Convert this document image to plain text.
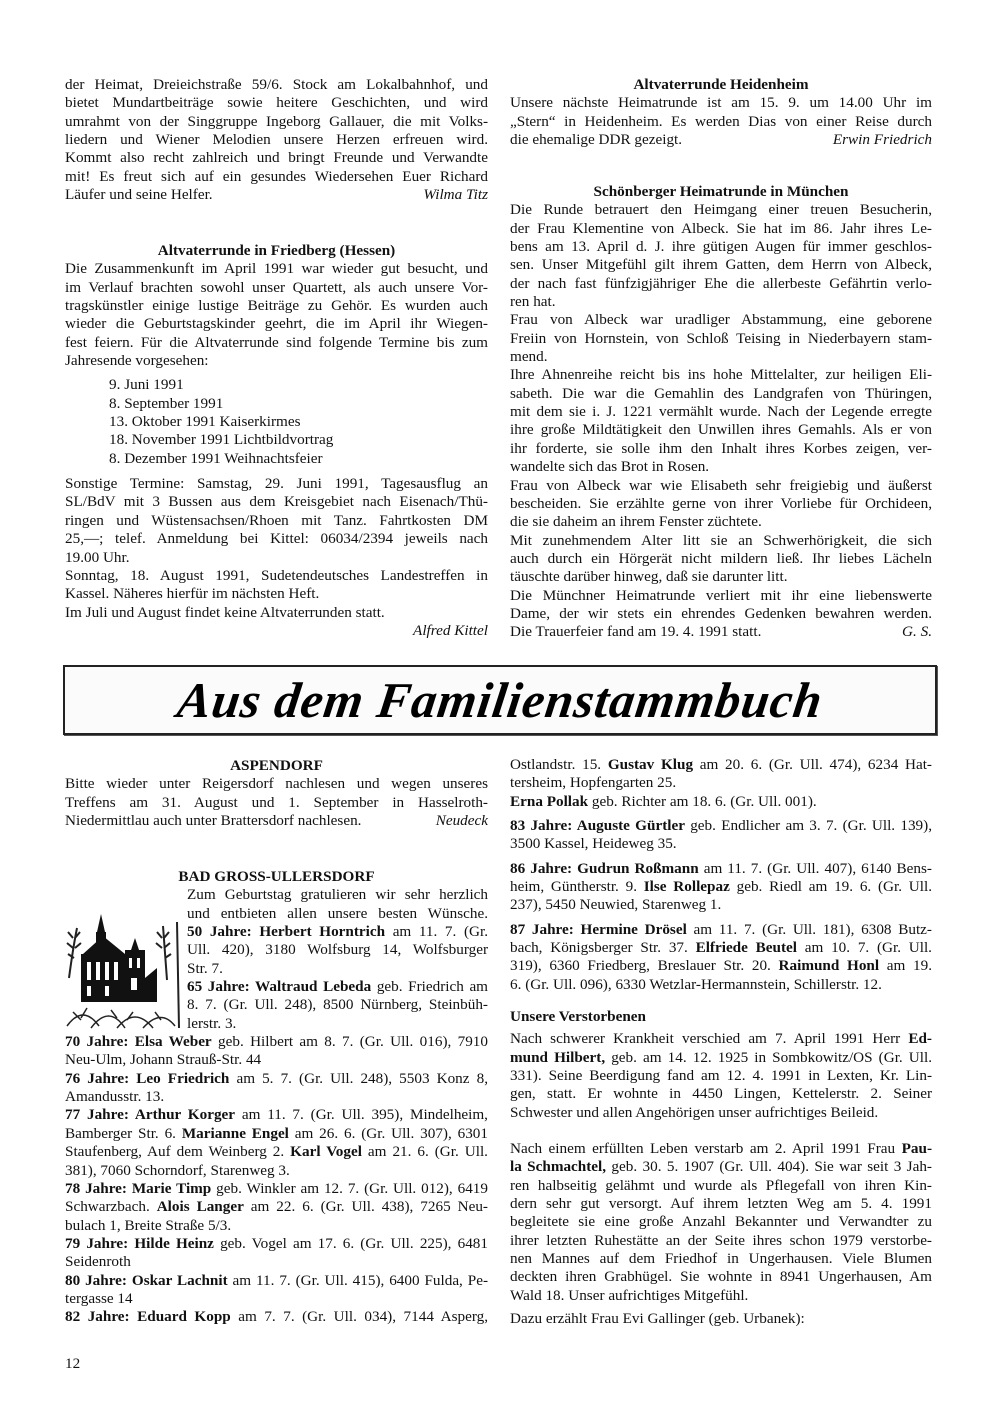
der Heimat, Dreieichstraße 59/6. Stock am Lokalbahnhof, und
bietet Mundartbeiträge sowie heitere Geschichten, und wird
umrahmt von der Singgruppe Ingeborg Gallauer, die mit Volks-
liedern und Wiener Melodien unsere Herzen erfreuen wird.
Kommt also recht zahlreich und bringt Freunde und Verwandte
mit! Es freut sich auf ein gesundes Wiedersehen Euer Richard
Läufer und seine Helfer.	Wilma Titz
Altvaterrunde in Friedberg (Hessen)
Die Zusammenkunft im April 1991 war wieder gut besucht, und
im Verlauf brachten sowohl unser Quartett, als auch unsere Vor-
tragskünstler einige lustige Beiträge zu Gehör. Es wurden auch
wieder die Geburtstagskinder geehrt, die im April ihr Wiegen-
fest feiern. Für die Altvaterrunde sind folgende Termine bis zum
Jahresende vorgesehen:
9. Juni 1991
8. September 1991
13. Oktober 1991 Kaiserkirmes
18. November 1991 Lichtbildvortrag
8. Dezember 1991 Weihnachtsfeier
Sonstige Termine: Samstag, 29. Juni 1991, Tagesausflug an
SL/BdV mit 3 Bussen aus dem Kreisgebiet nach Eisenach/Thü-
ringen und Wüstensachsen/Rhoen mit Tanz. Fahrtkosten DM
25,—; telef. Anmeldung bei Kittel: 06034/2394 jeweils nach
19.00 Uhr.
Sonntag, 18. August 1991, Sudetendeutsches Landestreffen in
Kassel. Näheres hierfür im nächsten Heft.
Im Juli und August findet keine Altvaterrunden statt.
Alfred Kittel
Altvaterrunde Heidenheim
Unsere nächste Heimatrunde ist am 15. 9. um 14.00 Uhr im
„Stern“ in Heidenheim. Es werden Dias von einer Reise durch
die ehemalige DDR gezeigt.	Erwin Friedrich
Schönberger Heimatrunde in München
Die Runde betrauert den Heimgang einer treuen Besucherin,
der Frau Klementine von Albeck. Sie hat im 86. Jahr ihres Le-
bens am 13. April d. J. ihre gütigen Augen für immer geschlos-
sen. Unser Mitgefühl gilt ihrem Gatten, dem Herrn von Albeck,
der nach fast fünfzigjähriger Ehe die allerbeste Gefährtin verlo-
ren hat.
Frau von Albeck war uradliger Abstammung, eine geborene
Freiin von Hornstein, von Schloß Teising in Niederbayern stam-
mend.
Ihre Ahnenreihe reicht bis ins hohe Mittelalter, zur heiligen Eli-
sabeth. Die war die Gemahlin des Landgrafen von Thüringen,
mit dem sie i. J. 1221 vermählt wurde. Nach der Legende erregte
ihre große Mildtätigkeit den Unwillen ihres Gemahls. Als er von
ihr forderte, sie solle ihm den Inhalt ihres Korbes zeigen, ver-
wandelte sich das Brot in Rosen.
Frau von Albeck war wie Elisabeth sehr freigiebig und äußerst
bescheiden. Sie erzählte gerne von ihrer Vorliebe für Orchideen,
die sie daheim an ihrem Fenster züchtete.
Mit zunehmendem Alter litt sie an Schwerhörigkeit, die sich
auch durch ein Hörgerät nicht mildern ließ. Ihr liebes Lächeln
täuschte darüber hinweg, daß sie darunter litt.
Die Münchner Heimatrunde verliert mit ihr eine liebenswerte
Dame, der wir stets ein ehrendes Gedenken bewahren werden.
Die Trauerfeier fand am 19. 4. 1991 statt.	G. S.
Aus dem Familienstammbuch
ASPENDORF
Bitte wieder unter Reigersdorf nachlesen und wegen unseres
Treffens am 31. August und 1. September in Hasselroth-
Niedermittlau auch unter Brattersdorf nachlesen.	Neudeck
BAD GROSS-ULLERSDORF
Zum Geburtstag gratulieren wir sehr herzlich
und entbieten allen unsere besten Wünsche.
50 Jahre: Herbert Horntrich am 11. 7. (Gr.
Ull. 420), 3180 Wolfsburg 14, Wolfsburger
Str. 7.
65 Jahre: Waltraud Lebeda geb. Friedrich am
8. 7. (Gr. Ull. 248), 8500 Nürnberg, Steinbüh-
lerstr. 3.
70 Jahre: Elsa Weber geb. Hilbert am 8. 7. (Gr. Ull. 016), 7910
Neu-Ulm, Johann Strauß-Str. 44
76 Jahre: Leo Friedrich am 5. 7. (Gr. Ull. 248), 5503 Konz 8,
Amandusstr. 13.
77 Jahre: Arthur Korger am 11. 7. (Gr. Ull. 395), Mindelheim,
Bamberger Str. 6. Marianne Engel am 26. 6. (Gr. Ull. 307), 6301
Staufenberg, Auf dem Weinberg 2. Karl Vogel am 21. 6. (Gr. Ull.
381), 7060 Schorndorf, Starenweg 3.
78 Jahre: Marie Timp geb. Winkler am 12. 7. (Gr. Ull. 012), 6419
Schwarzbach. Alois Langer am 22. 6. (Gr. Ull. 438), 7265 Neu-
bulach 1, Breite Straße 5/3.
79 Jahre: Hilde Heinz geb. Vogel am 17. 6. (Gr. Ull. 225), 6481
Seidenroth
80 Jahre: Oskar Lachnit am 11. 7. (Gr. Ull. 415), 6400 Fulda, Pe-
tergasse 14
82 Jahre: Eduard Kopp am 7. 7. (Gr. Ull. 034), 7144 Asperg,
Ostlandstr. 15. Gustav Klug am 20. 6. (Gr. Ull. 474), 6234 Hat-
tersheim, Hopfengarten 25.
Erna Pollak geb. Richter am 18. 6. (Gr. Ull. 001).
83 Jahre: Auguste Gürtler geb. Endlicher am 3. 7. (Gr. Ull. 139),
3500 Kassel, Heideweg 35.
86 Jahre: Gudrun Roßmann am 11. 7. (Gr. Ull. 407), 6140 Bens-
heim, Güntherstr. 9. Ilse Rollepaz geb. Riedl am 19. 6. (Gr. Ull.
237), 5450 Neuwied, Starenweg 1.
87 Jahre: Hermine Drösel am 11. 7. (Gr. Ull. 181), 6308 Butz-
bach, Königsberger Str. 37. Elfriede Beutel am 10. 7. (Gr. Ull.
319), 6360 Friedberg, Breslauer Str. 20. Raimund Honl am 19.
6. (Gr. Ull. 096), 6330 Wetzlar-Hermannstein, Schillerstr. 12.
Unsere Verstorbenen
Nach schwerer Krankheit verschied am 7. April 1991 Herr Ed-
mund Hilbert, geb. am 14. 12. 1925 in Sombkowitz/OS (Gr. Ull.
331). Seine Beerdigung fand am 12. 4. 1991 in Lexten, Kr. Lin-
gen, statt. Er wohnte in 4450 Lingen, Kettelerstr. 2. Seiner
Schwester und allen Angehörigen unser aufrichtiges Beileid.
Nach einem erfüllten Leben verstarb am 2. April 1991 Frau Pau-
la Schmachtel, geb. 30. 5. 1907 (Gr. Ull. 404). Sie war seit 3 Jah-
ren halbseitig gelähmt und wurde als Pflegefall von ihren Kin-
dern sehr gut versorgt. Auf ihrem letzten Weg am 5. 4. 1991
begleitete sie eine große Anzahl Bekannter und Verwandter zu
ihrer letzten Ruhestätte an der Seite ihres schon 1979 verstorbe-
nen Mannes auf dem Friedhof in Ungerhausen. Viele Blumen
deckten ihren Grabhügel. Sie wohnte in 8941 Ungerhausen, Am
Wald 18. Unser aufrichtiges Mitgefühl.
Dazu erzählt Frau Evi Gallinger (geb. Urbanek):
12
